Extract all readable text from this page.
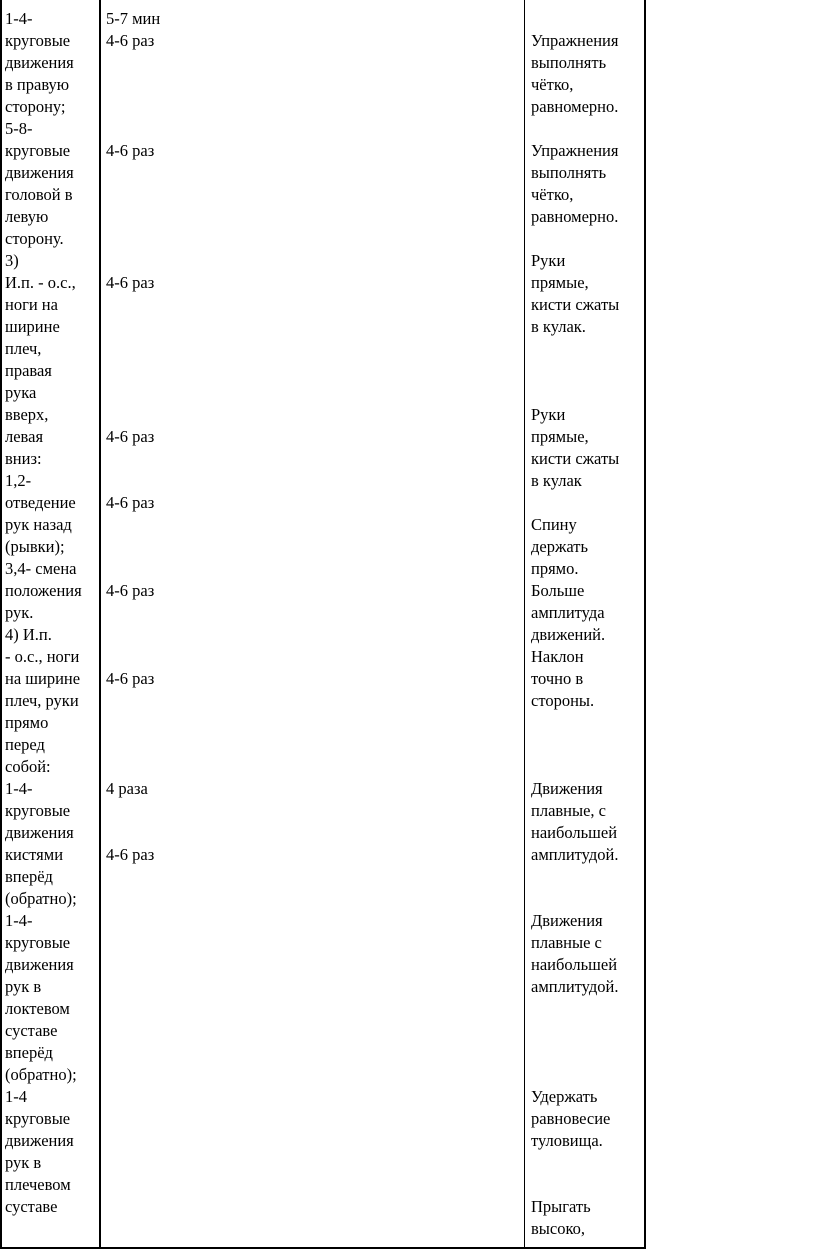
1-4-
круговые
движения
в правую
сторону;
5-8-
круговые
движения
головой в
левую
сторону.
3)
И.п. - о.с.,
ноги на
ширине
плеч,
правая
рука
вверх,
левая
вниз:
1,2-
отведение
рук назад
(рывки);
3,4- смена
положения
рук.
4) И.п.
- о.с., ноги
на ширине
плеч, руки
прямо
перед
собой:
1-4-
круговые
движения
кистями
вперёд
(обратно);
1-4-
круговые
движения
рук в
локтевом
суставе
вперёд
(обратно);
1-4
круговые
движения
рук в
плечевом
суставе
5-7 мин
4-6 раз
4-6 раз
4-6 раз
4-6 раз
4-6 раз
4-6 раз
4-6 раз
4 раза
4-6 раз
Упражнения
выполнять
чётко,
равномерно.
Упражнения
выполнять
чётко,
равномерно.
Руки
прямые,
кисти сжаты
в кулак.
Руки
прямые,
кисти сжаты
в кулак
Спину
держать
прямо.
Больше
амплитуда
движений.
Наклон
точно в
стороны.
Движения
плавные, с
наибольшей
амплитудой.
Движения
плавные с
наибольшей
амплитудой.
Удержать
равновесие
туловища.
Прыгать
высоко,
